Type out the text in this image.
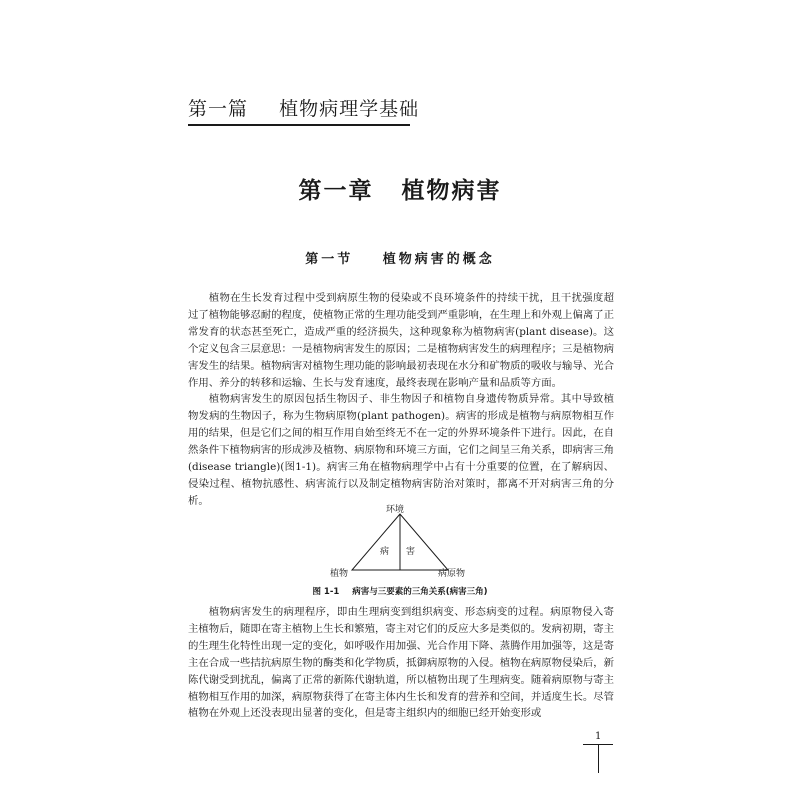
第一篇 植物病理学基础
第一章 植物病害
第一节 植物病害的概念

植物在生长发育过程中受到病原生物的侵染或不良环境条件的持续干扰，且干扰强度超过了植物能够忍耐的程度，使植物正常的生理功能受到严重影响，在生理上和外观上偏离了正常发育的状态甚至死亡，造成严重的经济损失，这种现象称为植物病害(plant disease)。这个定义包含三层意思：一是植物病害发生的原因；二是植物病害发生的病理程序；三是植物病害发生的结果。植物病害对植物生理功能的影响最初表现在水分和矿物质的吸收与输导、光合作用、养分的转移和运输、生长与发育速度，最终表现在影响产量和品质等方面。

植物病害发生的原因包括生物因子、非生物因子和植物自身遗传物质异常。其中导致植物发病的生物因子，称为生物病原物(plant pathogen)。病害的形成是植物与病原物相互作用的结果，但是它们之间的相互作用自始至终无不在一定的外界环境条件下进行。因此，在自然条件下植物病害的形成涉及植物、病原物和环境三方面，它们之间呈三角关系，即病害三角(disease triangle)(图1-1)。病害三角在植物病理学中占有十分重要的位置，在了解病因、侵染过程、植物抗感性、病害流行以及制定植物病害防治对策时，都离不开对病害三角的分析。

环境
病 害
植物	病原物
图 1-1 病害与三要素的三角关系(病害三角)

植物病害发生的病理程序，即由生理病变到组织病变、形态病变的过程。病原物侵入寄主植物后，随即在寄主植物上生长和繁殖，寄主对它们的反应大多是类似的。发病初期，寄主的生理生化特性出现一定的变化，如呼吸作用加强、光合作用下降、蒸腾作用加强等，这是寄主在合成一些拮抗病原生物的酶类和化学物质，抵御病原物的入侵。植物在病原物侵染后，新陈代谢受到扰乱，偏离了正常的新陈代谢轨道，所以植物出现了生理病变。随着病原物与寄主植物相互作用的加深，病原物获得了在寄主体内生长和发育的营养和空间，并适度生长。尽管植物在外观上还没表现出显著的变化，但是寄主组织内的细胞已经开始变形或

1
